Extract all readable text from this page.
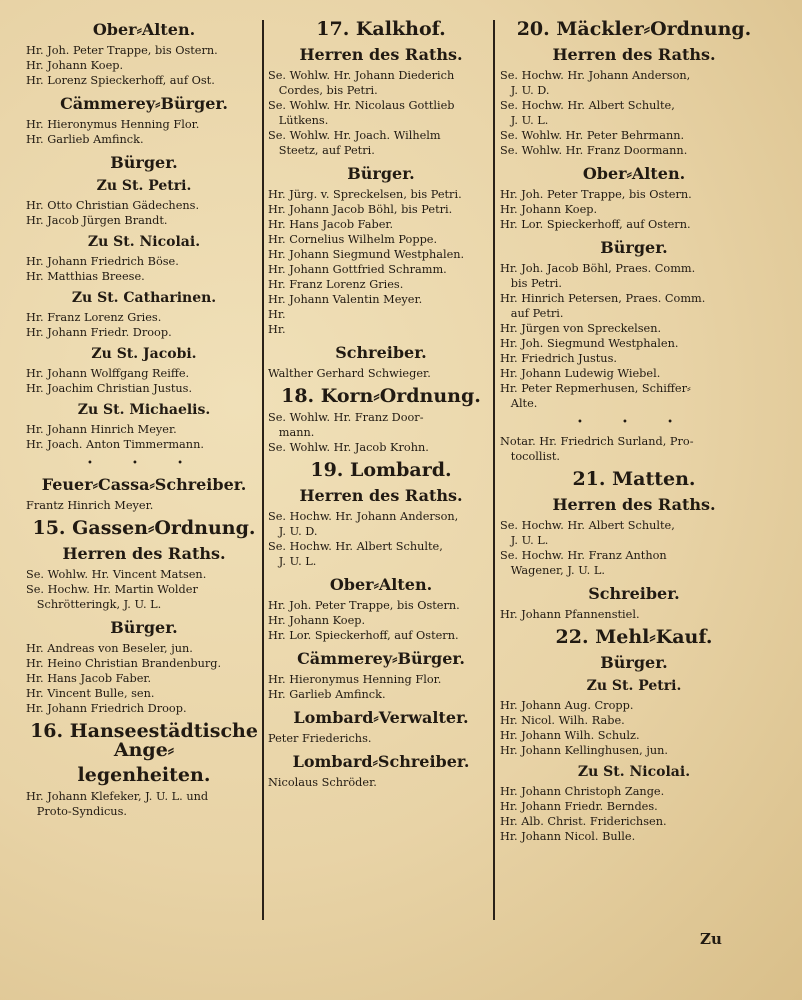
Ober⸗Alten.
Hr. Joh. Peter Trappe, bis Ostern.
Hr. Johann Koep.
Hr. Lorenz Spieckerhoff, auf Ost.
Cämmerey⸗Bürger.
Hr. Hieronymus Henning Flor.
Hr. Garlieb Amfinck.
Bürger.
Zu St. Petri.
Hr. Otto Christian Gädechens.
Hr. Jacob Jürgen Brandt.
Zu St. Nicolai.
Hr. Johann Friedrich Böse.
Hr. Matthias Breese.
Zu St. Catharinen.
Hr. Franz Lorenz Gries.
Hr. Johann Friedr. Droop.
Zu St. Jacobi.
Hr. Johann Wolffgang Reiffe.
Hr. Joachim Christian Justus.
Zu St. Michaelis.
Hr. Johann Hinrich Meyer.
Hr. Joach. Anton Timmermann.
• • •
Feuer⸗Cassa⸗Schreiber.
Frantz Hinrich Meyer.
15. Gassen⸗Ordnung.
Herren des Raths.
Se. Wohlw. Hr. Vincent Matsen.
Se. Hochw. Hr. Martin Wolder
Schrötteringk, J. U. L.
Bürger.
Hr. Andreas von Beseler, jun.
Hr. Heino Christian Brandenburg.
Hr. Hans Jacob Faber.
Hr. Vincent Bulle, sen.
Hr. Johann Friedrich Droop.
16. Hanseestädtische Ange⸗
legenheiten.
Hr. Johann Klefeker, J. U. L. und
Proto-Syndicus.
17. Kalkhof.
Herren des Raths.
Se. Wohlw. Hr. Johann Diederich
Cordes, bis Petri.
Se. Wohlw. Hr. Nicolaus Gottlieb
Lütkens.
Se. Wohlw. Hr. Joach. Wilhelm
Steetz, auf Petri.
Bürger.
Hr. Jürg. v. Spreckelsen, bis Petri.
Hr. Johann Jacob Böhl, bis Petri.
Hr. Hans Jacob Faber.
Hr. Cornelius Wilhelm Poppe.
Hr. Johann Siegmund Westphalen.
Hr. Johann Gottfried Schramm.
Hr. Franz Lorenz Gries.
Hr. Johann Valentin Meyer.
Hr.
Hr.
Schreiber.
Walther Gerhard Schwieger.
18. Korn⸗Ordnung.
Se. Wohlw. Hr. Franz Door-
mann.
Se. Wohlw. Hr. Jacob Krohn.
19. Lombard.
Herren des Raths.
Se. Hochw. Hr. Johann Anderson,
J. U. D.
Se. Hochw. Hr. Albert Schulte,
J. U. L.
Ober⸗Alten.
Hr. Joh. Peter Trappe, bis Ostern.
Hr. Johann Koep.
Hr. Lor. Spieckerhoff, auf Ostern.
Cämmerey⸗Bürger.
Hr. Hieronymus Henning Flor.
Hr. Garlieb Amfinck.
Lombard⸗Verwalter.
Peter Friederichs.
Lombard⸗Schreiber.
Nicolaus Schröder.
20. Mäckler⸗Ordnung.
Herren des Raths.
Se. Hochw. Hr. Johann Anderson,
J. U. D.
Se. Hochw. Hr. Albert Schulte,
J. U. L.
Se. Wohlw. Hr. Peter Behrmann.
Se. Wohlw. Hr. Franz Doormann.
Ober⸗Alten.
Hr. Joh. Peter Trappe, bis Ostern.
Hr. Johann Koep.
Hr. Lor. Spieckerhoff, auf Ostern.
Bürger.
Hr. Joh. Jacob Böhl, Praes. Comm.
bis Petri.
Hr. Hinrich Petersen, Praes. Comm.
auf Petri.
Hr. Jürgen von Spreckelsen.
Hr. Joh. Siegmund Westphalen.
Hr. Friedrich Justus.
Hr. Johann Ludewig Wiebel.
Hr. Peter Repmerhusen, Schiffer⸗
Alte.
• • •
Notar. Hr. Friedrich Surland, Pro-
tocollist.
21. Matten.
Herren des Raths.
Se. Hochw. Hr. Albert Schulte,
J. U. L.
Se. Hochw. Hr. Franz Anthon
Wagener, J. U. L.
Schreiber.
Hr. Johann Pfannenstiel.
22. Mehl⸗Kauf.
Bürger.
Zu St. Petri.
Hr. Johann Aug. Cropp.
Hr. Nicol. Wilh. Rabe.
Hr. Johann Wilh. Schulz.
Hr. Johann Kellinghusen, jun.
Zu St. Nicolai.
Hr. Johann Christoph Zange.
Hr. Johann Friedr. Berndes.
Hr. Alb. Christ. Friderichsen.
Hr. Johann Nicol. Bulle.
Zu
